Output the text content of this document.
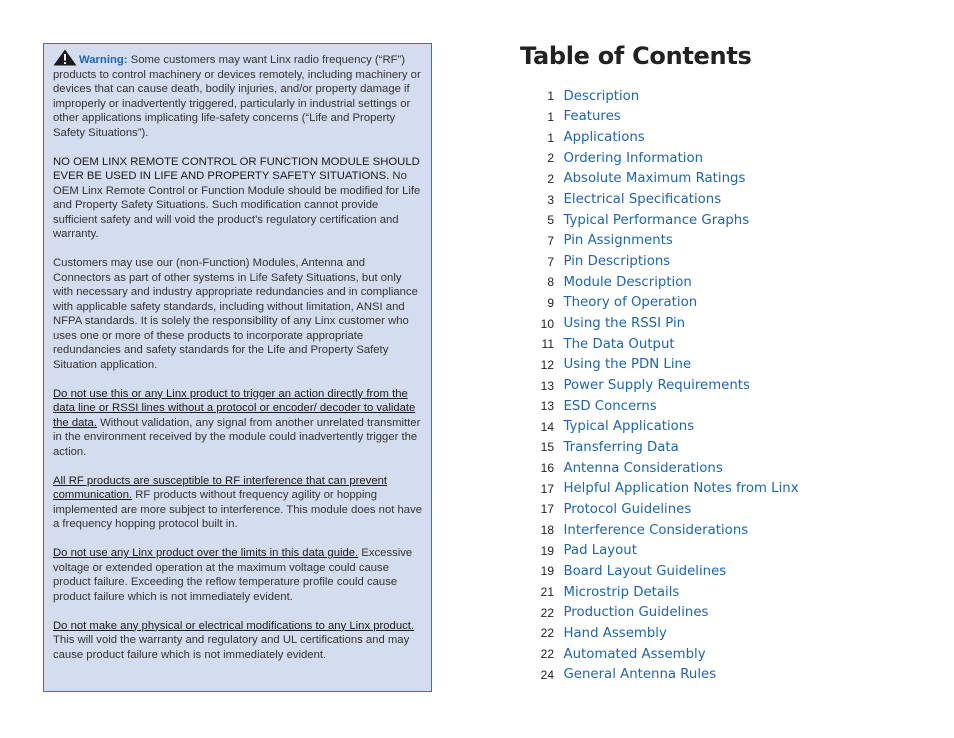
Warning: Some customers may want Linx radio frequency (“RF”) products to control machinery or devices remotely, including machinery or devices that can cause death, bodily injuries, and/or property damage if improperly or inadvertently triggered, particularly in industrial settings or other applications implicating life-safety concerns (“Life and Property Safety Situations”).

NO OEM LINX REMOTE CONTROL OR FUNCTION MODULE SHOULD EVER BE USED IN LIFE AND PROPERTY SAFETY SITUATIONS. No OEM Linx Remote Control or Function Module should be modified for Life and Property Safety Situations. Such modification cannot provide sufficient safety and will void the product’s regulatory certification and warranty.

Customers may use our (non-Function) Modules, Antenna and Connectors as part of other systems in Life Safety Situations, but only with necessary and industry appropriate redundancies and in compliance with applicable safety standards, including without limitation, ANSI and NFPA standards. It is solely the responsibility of any Linx customer who uses one or more of these products to incorporate appropriate redundancies and safety standards for the Life and Property Safety Situation application.

Do not use this or any Linx product to trigger an action directly from the data line or RSSI lines without a protocol or encoder/ decoder to validate the data. Without validation, any signal from another unrelated transmitter in the environment received by the module could inadvertently trigger the action.

All RF products are susceptible to RF interference that can prevent communication. RF products without frequency agility or hopping implemented are more subject to interference. This module does not have a frequency hopping protocol built in.

Do not use any Linx product over the limits in this data guide. Excessive voltage or extended operation at the maximum voltage could cause product failure. Exceeding the reflow temperature profile could cause product failure which is not immediately evident.

Do not make any physical or electrical modifications to any Linx product. This will void the warranty and regulatory and UL certifications and may cause product failure which is not immediately evident.

Table of Contents
1 Description
1 Features
1 Applications
2 Ordering Information
2 Absolute Maximum Ratings
3 Electrical Specifications
5 Typical Performance Graphs
7 Pin Assignments
7 Pin Descriptions
8 Module Description
9 Theory of Operation
10 Using the RSSI Pin
11 The Data Output
12 Using the PDN Line
13 Power Supply Requirements
13 ESD Concerns
14 Typical Applications
15 Transferring Data
16 Antenna Considerations
17 Helpful Application Notes from Linx
17 Protocol Guidelines
18 Interference Considerations
19 Pad Layout
19 Board Layout Guidelines
21 Microstrip Details
22 Production Guidelines
22 Hand Assembly
22 Automated Assembly
24 General Antenna Rules
